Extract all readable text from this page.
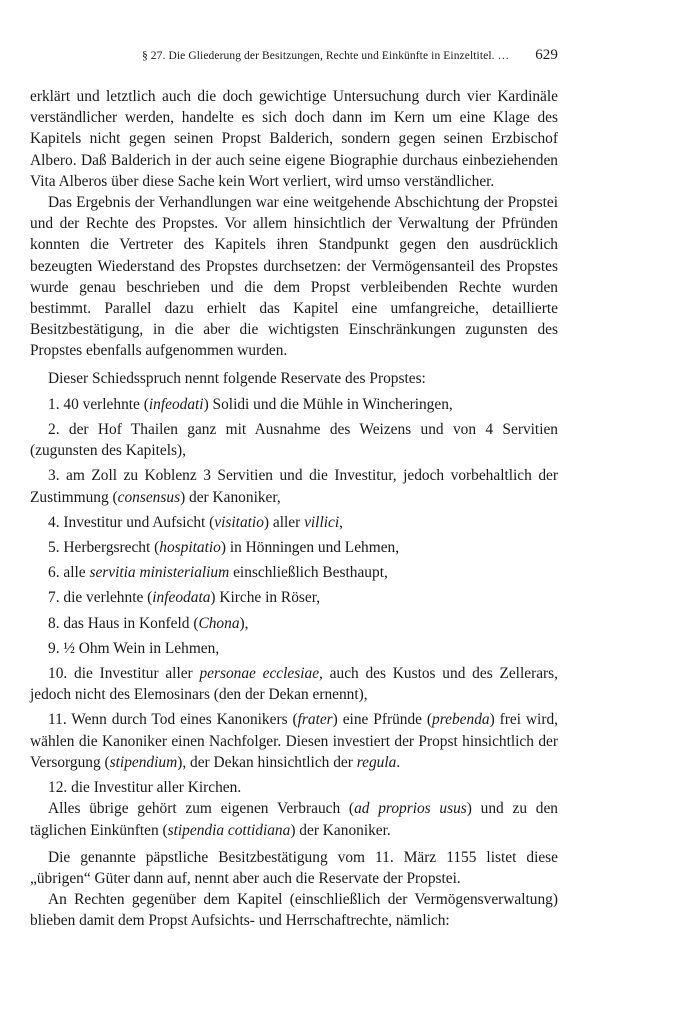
§ 27. Die Gliederung der Besitzungen, Rechte und Einkünfte in Einzeltitel. … 629

erklärt und letztlich auch die doch gewichtige Untersuchung durch vier Kardinäle verständlicher werden, handelte es sich doch dann im Kern um eine Klage des Kapitels nicht gegen seinen Propst Balderich, sondern gegen seinen Erzbischof Albero. Daß Balderich in der auch seine eigene Biographie durchaus einbeziehenden Vita Alberos über diese Sache kein Wort verliert, wird umso verständlicher.

Das Ergebnis der Verhandlungen war eine weitgehende Abschichtung der Propstei und der Rechte des Propstes. Vor allem hinsichtlich der Verwaltung der Pfründen konnten die Vertreter des Kapitels ihren Standpunkt gegen den ausdrücklich bezeugten Wiederstand des Propstes durchsetzen: der Vermögensanteil des Propstes wurde genau beschrieben und die dem Propst verbleibenden Rechte wurden bestimmt. Parallel dazu erhielt das Kapitel eine umfangreiche, detaillierte Besitzbestätigung, in die aber die wichtigsten Einschränkungen zugunsten des Propstes ebenfalls aufgenommen wurden.

Dieser Schiedsspruch nennt folgende Reservate des Propstes:

1. 40 verlehnte (infeodati) Solidi und die Mühle in Wincheringen,

2. der Hof Thailen ganz mit Ausnahme des Weizens und von 4 Servitien (zugunsten des Kapitels),

3. am Zoll zu Koblenz 3 Servitien und die Investitur, jedoch vorbehaltlich der Zustimmung (consensus) der Kanoniker,

4. Investitur und Aufsicht (visitatio) aller villici,

5. Herbergsrecht (hospitatio) in Hönningen und Lehmen,

6. alle servitia ministerialium einschließlich Besthaupt,

7. die verlehnte (infeodata) Kirche in Röser,

8. das Haus in Konfeld (Chona),

9. ½ Ohm Wein in Lehmen,

10. die Investitur aller personae ecclesiae, auch des Kustos und des Zellerars, jedoch nicht des Elemosinars (den der Dekan ernennt),

11. Wenn durch Tod eines Kanonikers (frater) eine Pfründe (prebenda) frei wird, wählen die Kanoniker einen Nachfolger. Diesen investiert der Propst hinsichtlich der Versorgung (stipendium), der Dekan hinsichtlich der regula.

12. die Investitur aller Kirchen.

Alles übrige gehört zum eigenen Verbrauch (ad proprios usus) und zu den täglichen Einkünften (stipendia cottidiana) der Kanoniker.

Die genannte päpstliche Besitzbestätigung vom 11. März 1155 listet diese „übrigen“ Güter dann auf, nennt aber auch die Reservate der Propstei.

An Rechten gegenüber dem Kapitel (einschließlich der Vermögensverwaltung) blieben damit dem Propst Aufsichts- und Herrschaftrechte, nämlich:
